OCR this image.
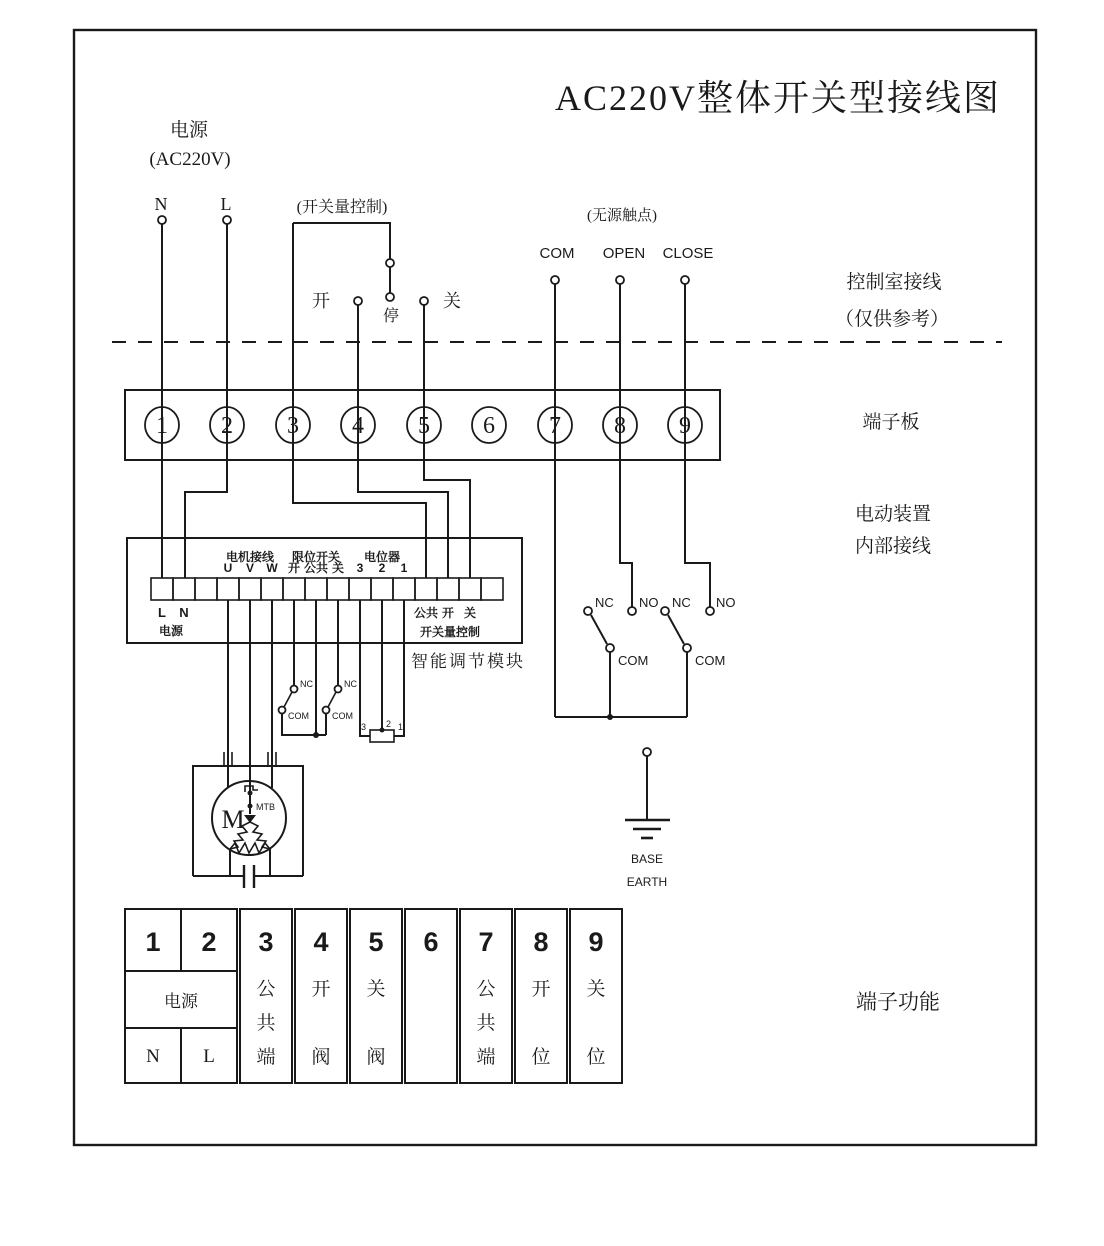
AC220V整体开关型接线图
电源
(AC220V)
N	L	(开关量控制)
开
停
关
(无源触点)
COM OPEN CLOSE
控制室接线
（仅供参考）
端子板
电动装置
内部接线
端子功能
1 2 3 4 5 6 7 8 9
电机接线 限位开关 电位器
U V W 开 公共 关 3 2 1
L N
电源
公共 开 关
开关量控制
智能调节模块
NC
COM
NC
COM
3 2 1
M MTB
NC NO
COM
NC NO
COM
BASE
EARTH
1 2 3 4 5 6 7 8 9
电源
N L
公
共
端
开
阀
关
阀
公
共
端
开
位
关
位
